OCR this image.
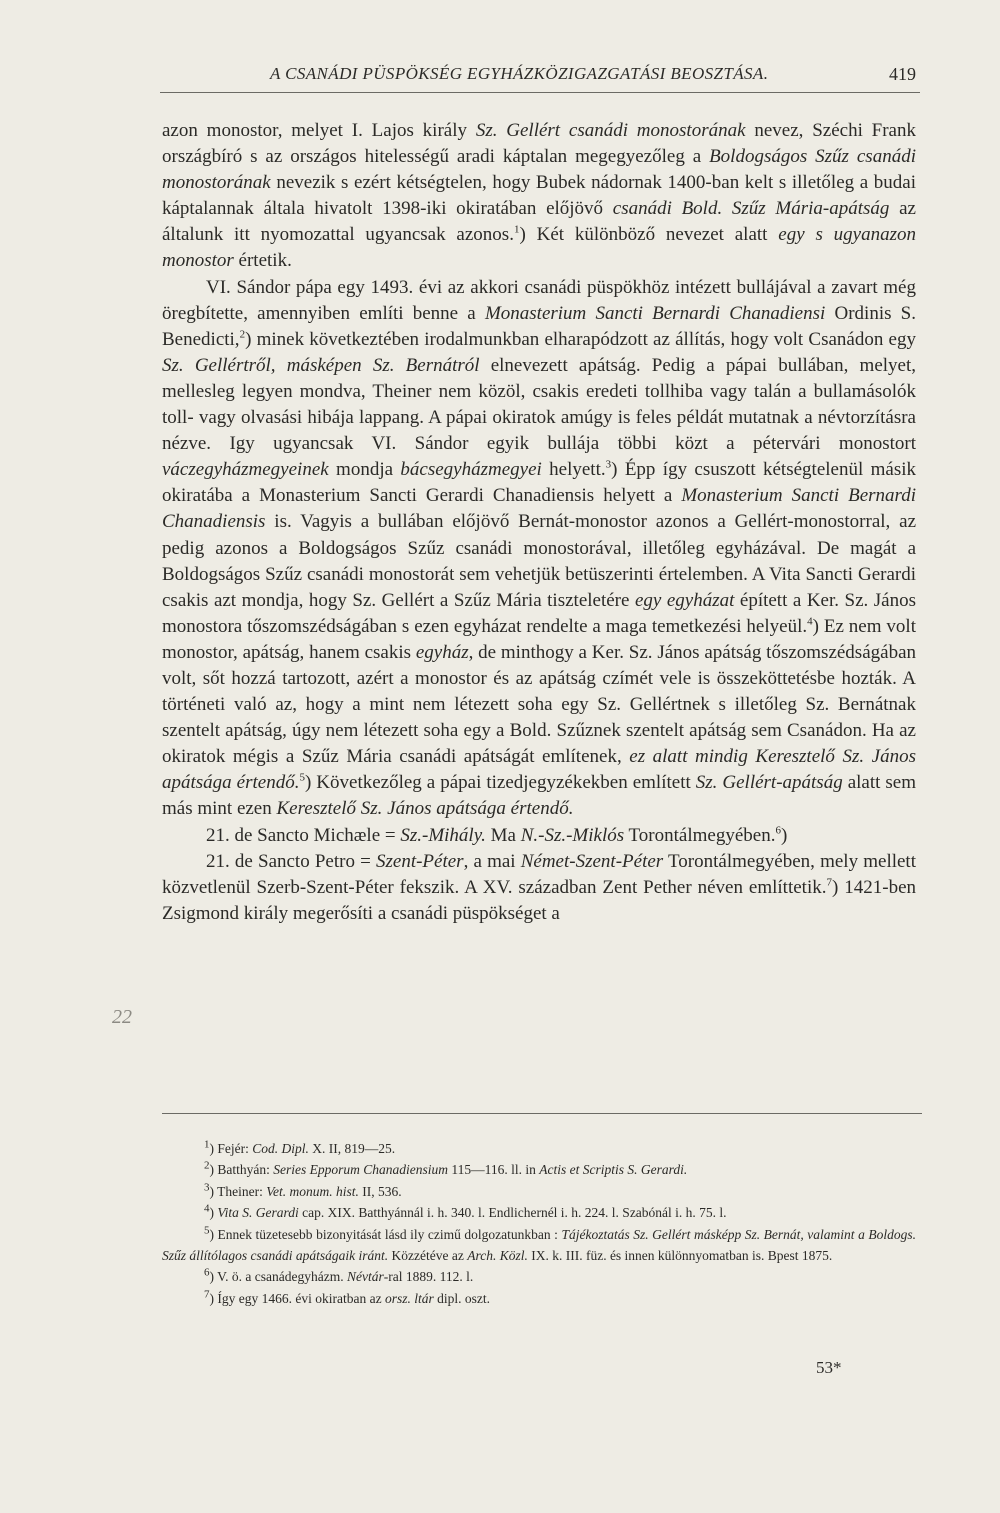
A CSANÁDI PÜSPÖKSÉG EGYHÁZKÖZIGAZGATÁSI BEOSZTÁSA.	419
22

azon monostor, melyet I. Lajos király Sz. Gellért csanádi monostorának nevez, Széchi Frank országbíró s az országos hitelességű aradi káptalan megegyezőleg a Boldogságos Szűz csanádi monostorának nevezik s ezért kétségtelen, hogy Bubek nádornak 1400-ban kelt s illetőleg a budai káptalannak általa hivatolt 1398-iki okiratában előjövő csanádi Bold. Szűz Mária-apátság az általunk itt nyomozattal ugyancsak azonos.$^1$) Két különböző nevezet alatt egy s ugyanazon monostor értetik.

VI. Sándor pápa egy 1493. évi az akkori csanádi püspökhöz intézett bullájával a zavart még öregbítette, amennyiben említi benne a Monasterium Sancti Bernardi Chanadiensi Ordinis S. Benedicti,$^2$) minek következtében irodalmunkban elharapódzott az állítás, hogy volt Csanádon egy Sz. Gellértről, másképen Sz. Bernátról elnevezett apátság. Pedig a pápai bullában, melyet, mellesleg legyen mondva, Theiner nem közöl, csakis eredeti tollhiba vagy talán a bullamásolók toll- vagy olvasási hibája lappang. A pápai okiratok amúgy is feles példát mutatnak a névtorzításra nézve. Igy ugyancsak VI. Sándor egyik bullája többi közt a pétervári monostort váczegyházmegyeinek mondja bácsegyházmegyei helyett.$^3$) Épp így csuszott kétségtelenül másik okiratába a Monasterium Sancti Gerardi Chanadiensis helyett a Monasterium Sancti Bernardi Chanadiensis is. Vagyis a bullában előjövő Bernát-monostor azonos a Gellért-monostorral, az pedig azonos a Boldogságos Szűz csanádi monostorával, illetőleg egyházával. De magát a Boldogságos Szűz csanádi monostorát sem vehetjük betüszerinti értelemben. A Vita Sancti Gerardi csakis azt mondja, hogy Sz. Gellért a Szűz Mária tiszteletére egy egyházat épített a Ker. Sz. János monostora tőszomszédságában s ezen egyházat rendelte a maga temetkezési helyeül.$^4$) Ez nem volt monostor, apátság, hanem csakis egyház, de minthogy a Ker. Sz. János apátság tőszomszédságában volt, sőt hozzá tartozott, azért a monostor és az apátság czímét vele is összeköttetésbe hozták. A történeti való az, hogy a mint nem létezett soha egy Sz. Gellértnek s illetőleg Sz. Bernátnak szentelt apátság, úgy nem létezett soha egy a Bold. Szűznek szentelt apátság sem Csanádon. Ha az okiratok mégis a Szűz Mária csanádi apátságát említenek, ez alatt mindig Keresztelő Sz. János apátsága értendő.$^5$) Következőleg a pápai tizedjegyzékekben említett Sz. Gellért-apátság alatt sem más mint ezen Keresztelő Sz. János apátsága értendő.

21. de Sancto Michæle = Sz.-Mihály. Ma N.-Sz.-Miklós Torontálmegyében.$^6$)

21. de Sancto Petro = Szent-Péter, a mai Német-Szent-Péter Torontálmegyében, mely mellett közvetlenül Szerb-Szent-Péter fekszik. A XV. században Zent Pether néven említtetik.$^7$) 1421-ben Zsigmond király megerősíti a csanádi püspökséget a

$^1$) Fejér: Cod. Dipl. X. II, 819—25.

$^2$) Batthyán: Series Epporum Chanadiensium 115—116. ll. in Actis et Scriptis S. Gerardi.

$^3$) Theiner: Vet. monum. hist. II, 536.

$^4$) Vita S. Gerardi cap. XIX. Batthyánnál i. h. 340. l. Endlichernél i. h. 224. l. Szabónál i. h. 75. l.

$^5$) Ennek tüzetesebb bizonyitását lásd ily czimű dolgozatunkban : Tájékoztatás Sz. Gellért másképp Sz. Bernát, valamint a Boldogs. Szűz állítólagos csanádi apátságaik iránt. Közzétéve az Arch. Közl. IX. k. III. füz. és innen különnyomatban is. Bpest 1875.

$^6$) V. ö. a csanádegyházm. Névtár-ral 1889. 112. l.

$^7$) Így egy 1466. évi okiratban az orsz. ltár dipl. oszt.

53*
